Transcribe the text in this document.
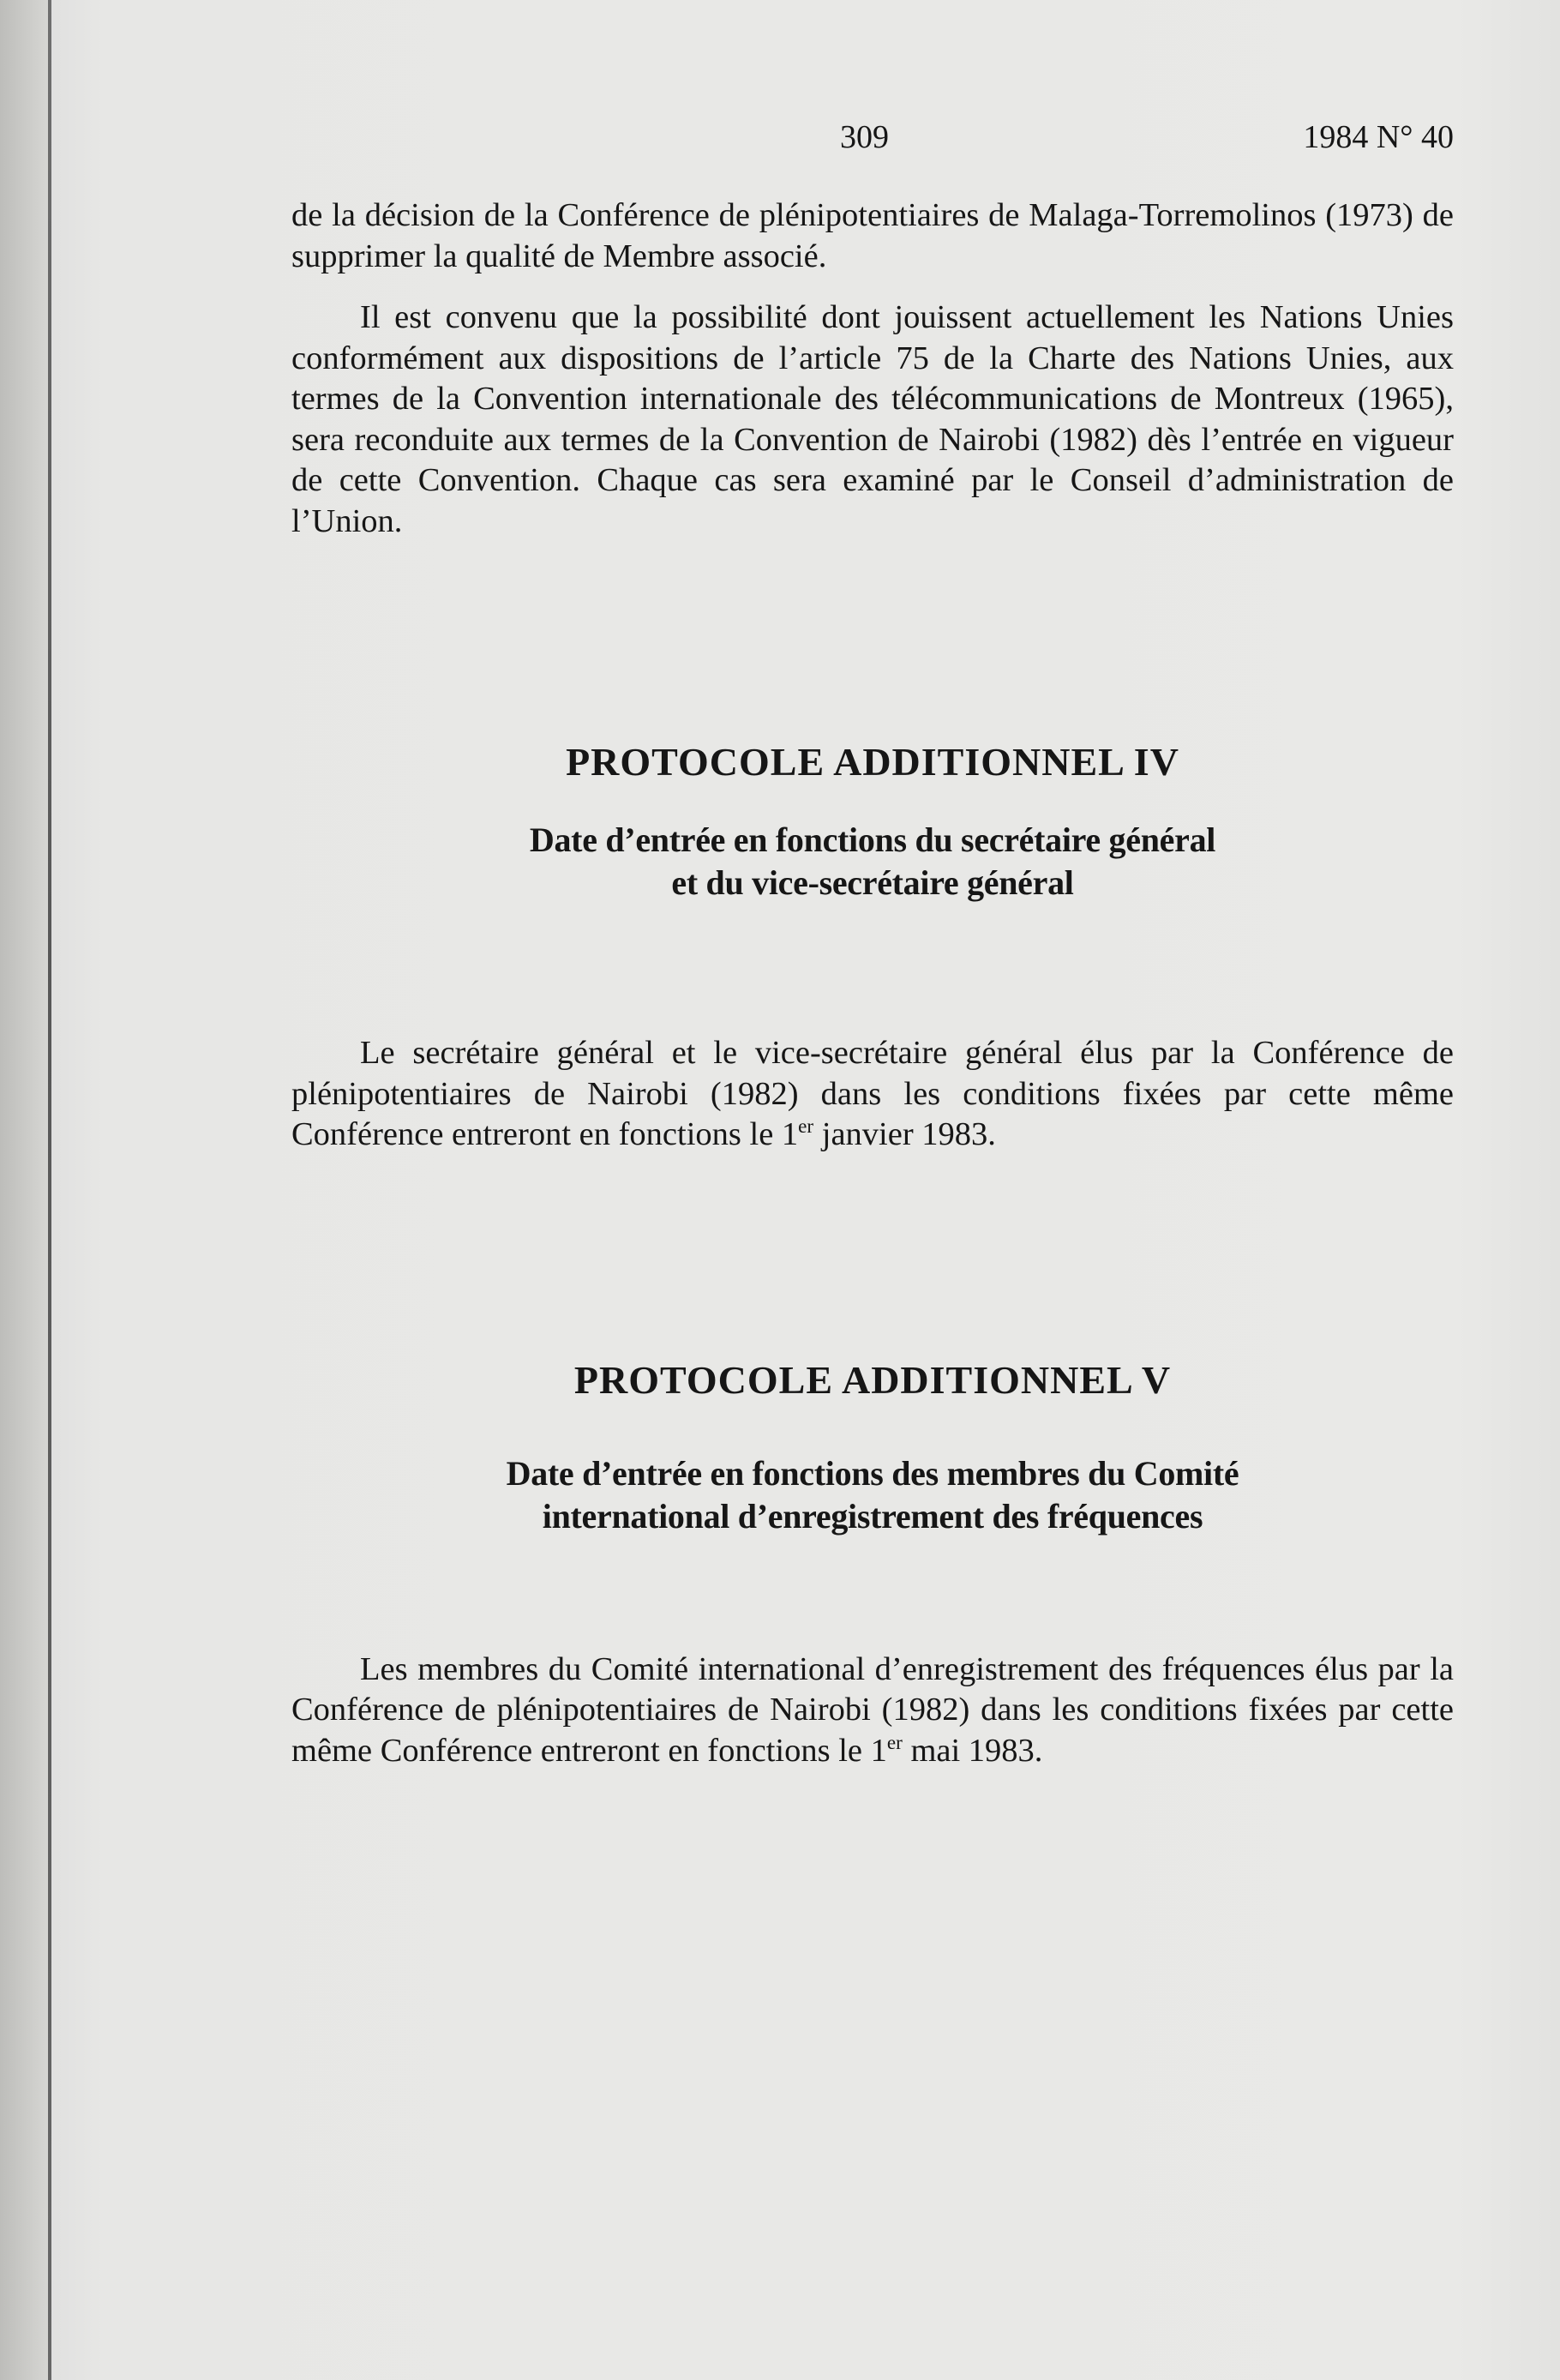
309	1984 N° 40

de la décision de la Conférence de plénipotentiaires de Malaga-Torremolinos (1973) de supprimer la qualité de Membre associé.

Il est convenu que la possibilité dont jouissent actuellement les Nations Unies conformément aux dispositions de l’article 75 de la Charte des Nations Unies, aux termes de la Convention internationale des télécommunications de Montreux (1965), sera reconduite aux termes de la Convention de Nairobi (1982) dès l’entrée en vigueur de cette Convention. Chaque cas sera examiné par le Conseil d’administration de l’Union.

PROTOCOLE ADDITIONNEL IV
Date d’entrée en fonctions du secrétaire général
et du vice-secrétaire général

Le secrétaire général et le vice-secrétaire général élus par la Conférence de plénipotentiaires de Nairobi (1982) dans les conditions fixées par cette même Conférence entreront en fonctions le 1er janvier 1983.

PROTOCOLE ADDITIONNEL V
Date d’entrée en fonctions des membres du Comité
international d’enregistrement des fréquences

Les membres du Comité international d’enregistrement des fréquences élus par la Conférence de plénipotentiaires de Nairobi (1982) dans les conditions fixées par cette même Conférence entreront en fonctions le 1er mai 1983.
